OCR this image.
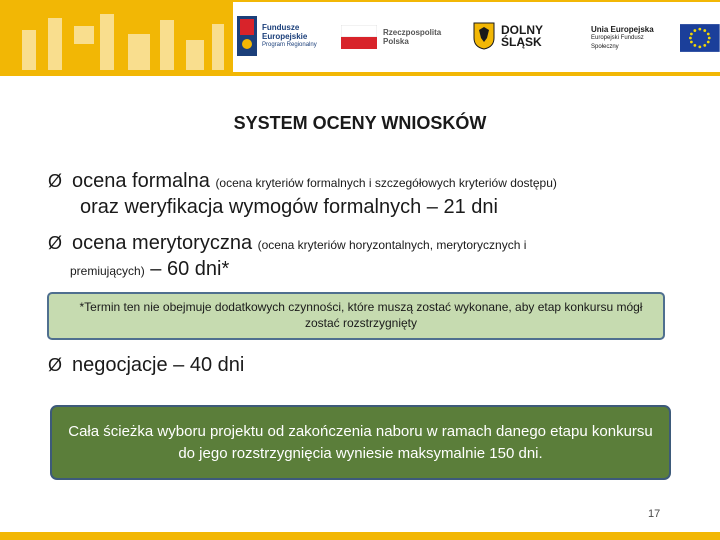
Fundusze
Europejskie
Program Regionalny
Rzeczpospolita
Polska
DOLNY
ŚLĄSK
Unia Europejska
Europejski Fundusz Społeczny
SYSTEM OCENY WNIOSKÓW
Ø ocena formalna (ocena kryteriów formalnych i szczegółowych kryteriów dostępu)
oraz weryfikacja wymogów formalnych – 21 dni
Ø ocena merytoryczna (ocena kryteriów horyzontalnych, merytorycznych i
premiujących) – 60 dni*
*Termin ten nie obejmuje dodatkowych czynności, które muszą zostać wykonane, aby etap konkursu mógł zostać rozstrzygnięty
Ø negocjacje – 40 dni
Cała ścieżka wyboru projektu od zakończenia naboru w ramach danego etapu konkursu do jego rozstrzygnięcia wyniesie maksymalnie 150 dni.
17
